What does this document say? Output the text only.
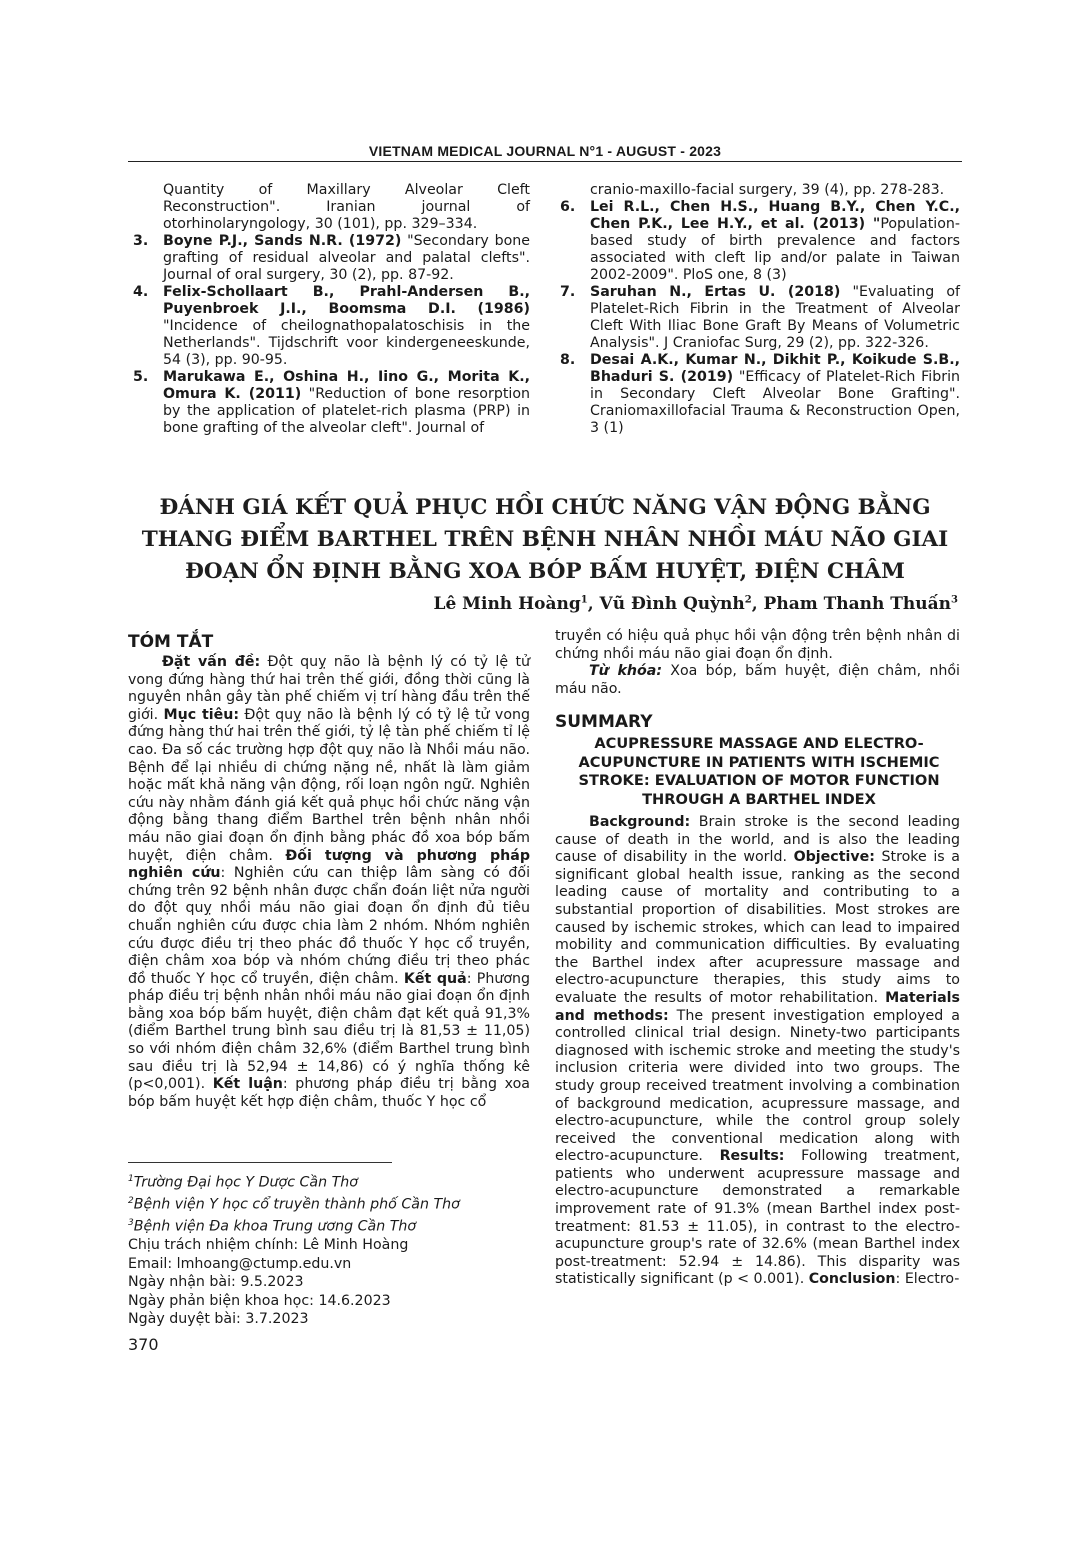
VIETNAM MEDICAL JOURNAL N°1 - AUGUST - 2023

Quantity of Maxillary Alveolar Cleft Reconstruction". Iranian journal of otorhinolaryngology, 30 (101), pp. 329–334.

3. Boyne P.J., Sands N.R. (1972) "Secondary bone grafting of residual alveolar and palatal clefts". Journal of oral surgery, 30 (2), pp. 87-92.

4. Felix-Schollaart B., Prahl-Andersen B., Puyenbroek J.I., Boomsma D.I. (1986) "Incidence of cheilognathopalatoschisis in the Netherlands". Tijdschrift voor kindergeneeskunde, 54 (3), pp. 90-95.

5. Marukawa E., Oshina H., Iino G., Morita K., Omura K. (2011) "Reduction of bone resorption by the application of platelet-rich plasma (PRP) in bone grafting of the alveolar cleft". Journal of

cranio-maxillo-facial surgery, 39 (4), pp. 278-283.

6. Lei R.L., Chen H.S., Huang B.Y., Chen Y.C., Chen P.K., Lee H.Y., et al. (2013) "Population-based study of birth prevalence and factors associated with cleft lip and/or palate in Taiwan 2002-2009". PloS one, 8 (3)

7. Saruhan N., Ertas U. (2018) "Evaluating of Platelet-Rich Fibrin in the Treatment of Alveolar Cleft With Iliac Bone Graft By Means of Volumetric Analysis". J Craniofac Surg, 29 (2), pp. 322-326.

8. Desai A.K., Kumar N., Dikhit P., Koikude S.B., Bhaduri S. (2019) "Efficacy of Platelet-Rich Fibrin in Secondary Cleft Alveolar Bone Grafting". Craniomaxillofacial Trauma & Reconstruction Open, 3 (1)

ĐÁNH GIÁ KẾT QUẢ PHỤC HỒI CHỨC NĂNG VẬN ĐỘNG BẰNG THANG ĐIỂM BARTHEL TRÊN BỆNH NHÂN NHỒI MÁU NÃO GIAI ĐOẠN ỔN ĐỊNH BẰNG XOA BÓP BẤM HUYỆT, ĐIỆN CHÂM
Lê Minh Hoàng$^1$, Vũ Đình Quỳnh$^2$, Pham Thanh Thuấn$^3$
TÓM TẮT

Đặt vấn đề: Đột quỵ não là bệnh lý có tỷ lệ tử vong đứng hàng thứ hai trên thế giới, đồng thời cũng là nguyên nhân gây tàn phế chiếm vị trí hàng đầu trên thế giới. Mục tiêu: Đột quỵ não là bệnh lý có tỷ lệ tử vong đứng hàng thứ hai trên thế giới, tỷ lệ tàn phế chiếm tỉ lệ cao. Đa số các trường hợp đột quỵ não là Nhồi máu não. Bệnh để lại nhiều di chứng nặng nề, nhất là làm giảm hoặc mất khả năng vận động, rối loạn ngôn ngữ. Nghiên cứu này nhằm đánh giá kết quả phục hồi chức năng vận động bằng thang điểm Barthel trên bệnh nhân nhồi máu não giai đoạn ổn định bằng phác đồ xoa bóp bấm huyệt, điện châm. Đối tượng và phương pháp nghiên cứu: Nghiên cứu can thiệp lâm sàng có đối chứng trên 92 bệnh nhân được chẩn đoán liệt nửa người do đột quỵ nhồi máu não giai đoạn ổn định đủ tiêu chuẩn nghiên cứu được chia làm 2 nhóm. Nhóm nghiên cứu được điều trị theo phác đồ thuốc Y học cổ truyền, điện châm xoa bóp và nhóm chứng điều trị theo phác đồ thuốc Y học cổ truyền, điện châm. Kết quả: Phương pháp điều trị bệnh nhân nhồi máu não giai đoạn ổn định bằng xoa bóp bấm huyệt, điện châm đạt kết quả 91,3% (điểm Barthel trung bình sau điều trị là 81,53 ± 11,05) so với nhóm điện châm 32,6% (điểm Barthel trung bình sau điều trị là 52,94 ± 14,86) có ý nghĩa thống kê (p<0,001). Kết luận: phương pháp điều trị bằng xoa bóp bấm huyệt kết hợp điện châm, thuốc Y học cổ

$^1$Trường Đại học Y Dược Cần Thơ
$^2$Bệnh viện Y học cổ truyền thành phố Cần Thơ
$^3$Bệnh viện Đa khoa Trung ương Cần Thơ
Chịu trách nhiệm chính: Lê Minh Hoàng
Email: lmhoang@ctump.edu.vn
Ngày nhận bài: 9.5.2023
Ngày phản biện khoa học: 14.6.2023
Ngày duyệt bài: 3.7.2023
370

truyền có hiệu quả phục hồi vận động trên bệnh nhân di chứng nhồi máu não giai đoạn ổn định.

Từ khóa: Xoa bóp, bấm huyệt, điện châm, nhồi máu não.

SUMMARY
ACUPRESSURE MASSAGE AND ELECTRO-ACUPUNCTURE IN PATIENTS WITH ISCHEMIC STROKE: EVALUATION OF MOTOR FUNCTION THROUGH A BARTHEL INDEX

Background: Brain stroke is the second leading cause of death in the world, and is also the leading cause of disability in the world. Objective: Stroke is a significant global health issue, ranking as the second leading cause of mortality and contributing to a substantial proportion of disabilities. Most strokes are caused by ischemic strokes, which can lead to impaired mobility and communication difficulties. By evaluating the Barthel index after acupressure massage and electro-acupuncture therapies, this study aims to evaluate the results of motor rehabilitation. Materials and methods: The present investigation employed a controlled clinical trial design. Ninety-two participants diagnosed with ischemic stroke and meeting the study's inclusion criteria were divided into two groups. The study group received treatment involving a combination of background medication, acupressure massage, and electro-acupuncture, while the control group solely received the conventional medication along with electro-acupuncture. Results: Following treatment, patients who underwent acupressure massage and electro-acupuncture demonstrated a remarkable improvement rate of 91.3% (mean Barthel index post-treatment: 81.53 ± 11.05), in contrast to the electro-acupuncture group's rate of 32.6% (mean Barthel index post-treatment: 52.94 ± 14.86). This disparity was statistically significant (p < 0.001). Conclusion: Electro-
